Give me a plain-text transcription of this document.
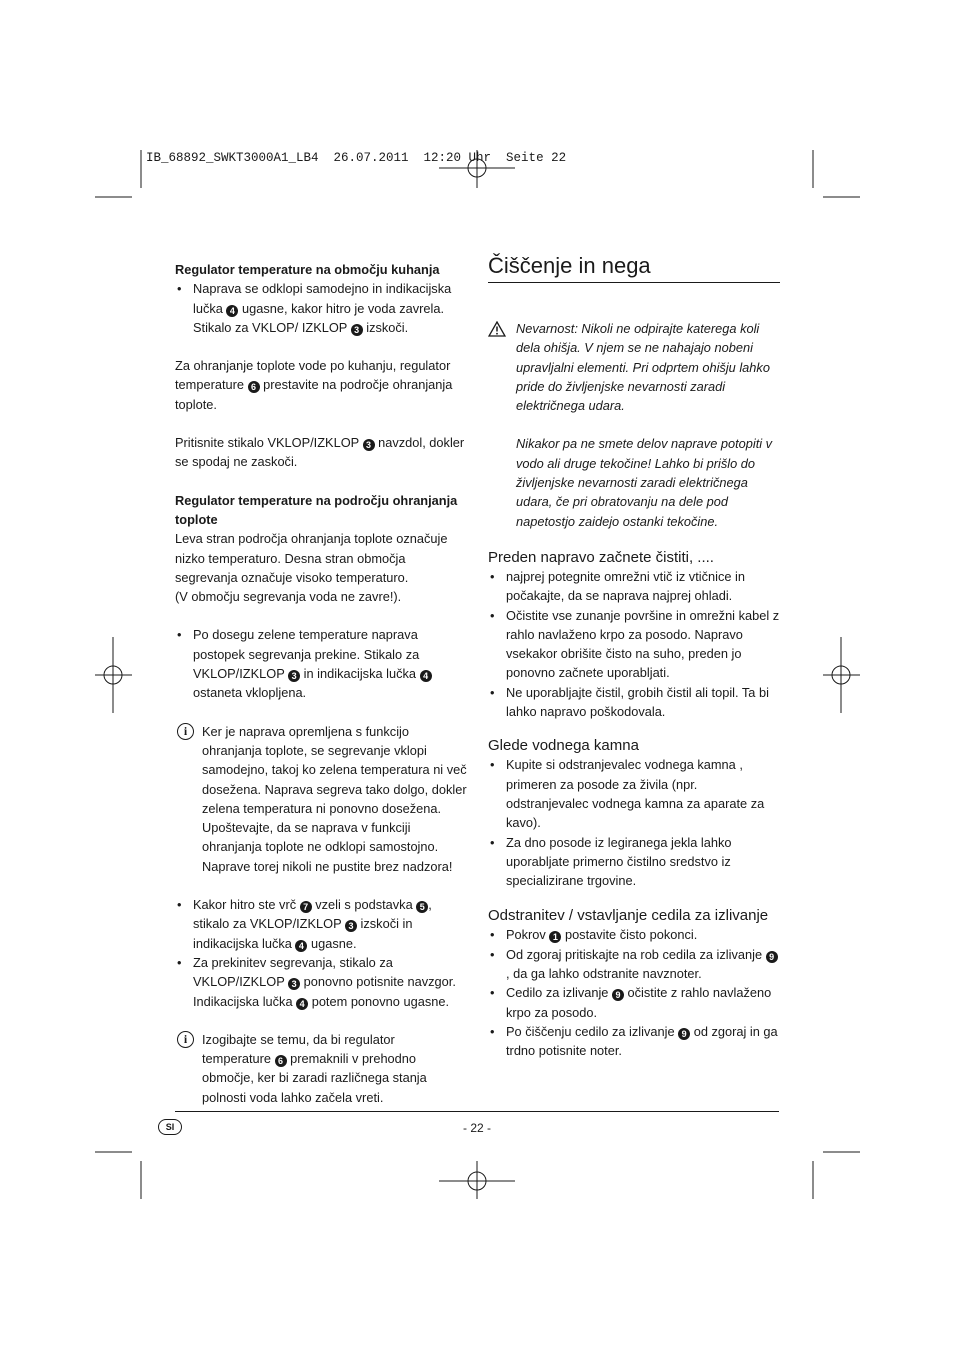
IB_68892_SWKT3000A1_LB4  26.07.2011  12:20 Uhr  Seite 22

Regulator temperature na območju kuhanja

• Naprava se odklopi samodejno in indikacijska lučka 4 ugasne, kakor hitro je voda zavrela. Stikalo za VKLOP/ IZKLOP 3 izskoči.

Za ohranjanje toplote vode po kuhanju, regulator temperature 6 prestavite na področje ohranjanja toplote.

Pritisnite stikalo VKLOP/IZKLOP 3 navzdol, dokler se spodaj ne zaskoči.

Regulator temperature na področju ohranjanja toplote

Leva stran področja ohranjanja toplote označuje nizko temperaturo. Desna stran območja segrevanja označuje visoko temperaturo.

(V območju segrevanja voda ne zavre!).

• Po dosegu zelene temperature naprava postopek segrevanja prekine. Stikalo za VKLOP/IZKLOP 3 in indikacijska lučka 4 ostaneta vklopljena.

i	Ker je naprava opremljena s funkcijo ohranjanja toplote, se segrevanje vklopi samodejno, takoj ko zelena temperatura ni več dosežena. Naprava segreva tako dolgo, dokler zelena temperatura ni ponovno dosežena. Upoštevajte, da se naprava v funkciji ohranjanja toplote ne odklopi samostojno. Naprave torej nikoli ne pustite brez nadzora!

• Kakor hitro ste vrč 7 vzeli s podstavka 5 , stikalo za VKLOP/IZKLOP 3 izskoči in indikacijska lučka 4 ugasne.

• Za prekinitev segrevanja, stikalo za VKLOP/IZKLOP 3 ponovno potisnite navzgor. Indikacijska lučka 4 potem ponovno ugasne.

i	Izogibajte se temu, da bi regulator temperature 6 premaknili v prehodno območje, ker bi zaradi različnega stanja polnosti voda lahko začela vreti.

Čiščenje in nega

Nevarnost: Nikoli ne odpirajte katerega koli dela ohišja. V njem se ne nahajajo nobeni upravljalni elementi. Pri odprtem ohišju lahko pride do življenjske nevarnosti zaradi električnega udara.

Nikakor pa ne smete delov naprave potopiti v vodo ali druge tekočine! Lahko bi prišlo do življenjske nevarnosti zaradi električnega udara, če pri obratovanju na dele pod napetostjo zaidejo ostanki tekočine.

Preden napravo začnete čistiti, ....

• najprej potegnite omrežni vtič iz vtičnice in počakajte, da se naprava najprej ohladi.

• Očistite vse zunanje površine in omrežni kabel z rahlo navlaženo krpo za posodo. Napravo vsekakor obrišite čisto na suho, preden jo ponovno začnete uporabljati.

• Ne uporabljajte čistil, grobih čistil ali topil. Ta bi lahko napravo poškodovala.

Glede vodnega kamna

• Kupite si odstranjevalec vodnega kamna , primeren za posode za živila (npr. odstranjevalec vodnega kamna za aparate za kavo).

• Za dno posode iz legiranega jekla lahko uporabljate primerno čistilno sredstvo iz specializirane trgovine.

Odstranitev / vstavljanje cedila za izlivanje

• Pokrov 1 postavite čisto pokonci.

• Od zgoraj pritiskajte na rob cedila za izlivanje 9, da ga lahko odstranite navznoter.

• Cedilo za izlivanje 9 očistite z rahlo navlaženo krpo za posodo.

• Po čiščenju cedilo za izlivanje 9 od zgoraj in ga trdno potisnite noter.

SI	- 22 -
